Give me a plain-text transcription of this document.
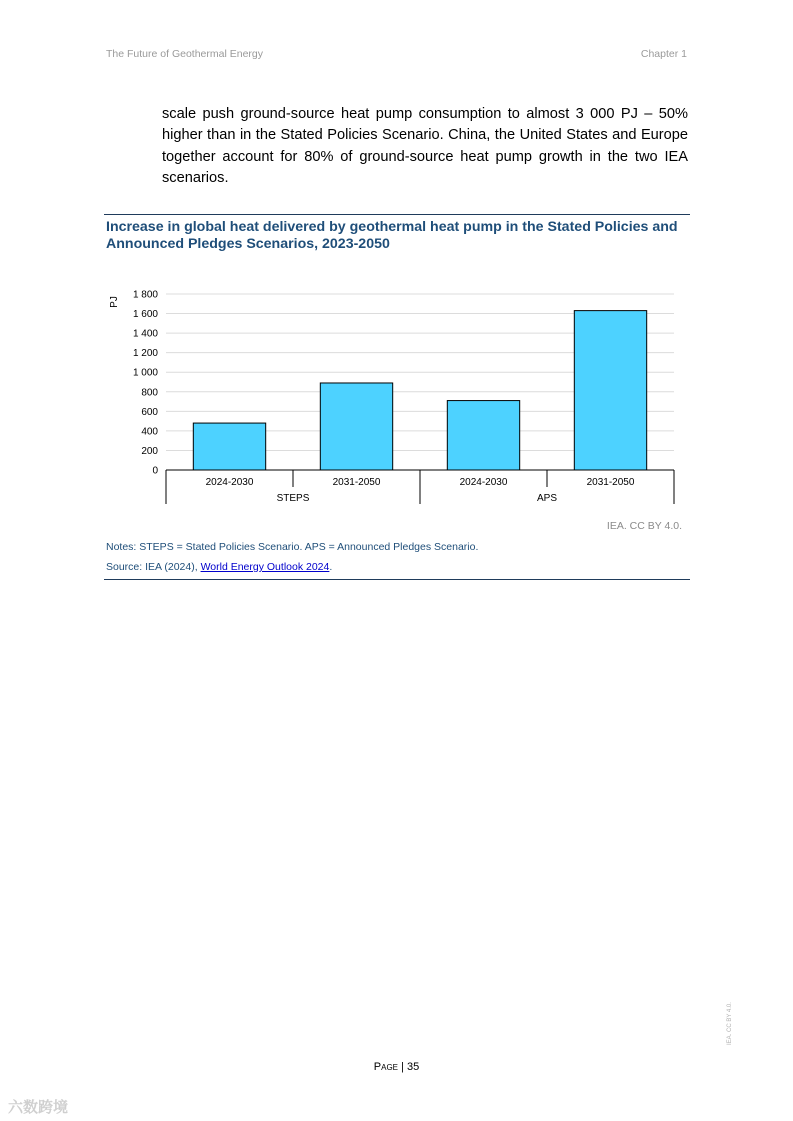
The Future of Geothermal Energy	Chapter 1
scale push ground-source heat pump consumption to almost 3 000 PJ – 50% higher than in the Stated Policies Scenario. China, the United States and Europe together account for 80% of ground-source heat pump growth in the two IEA scenarios.
Increase in global heat delivered by geothermal heat pump in the Stated Policies and Announced Pledges Scenarios, 2023-2050
0
200
400
600
800
1 000
1 200
1 400
1 600
1 800
PJ
2024-2030	2031-2050	2024-2030	2031-2050
STEPS	APS
IEA. CC BY 4.0.
Notes: STEPS = Stated Policies Scenario. APS = Announced Pledges Scenario.
Source: IEA (2024), World Energy Outlook 2024.
Page | 35
IEA. CC BY 4.0.
六数跨境
